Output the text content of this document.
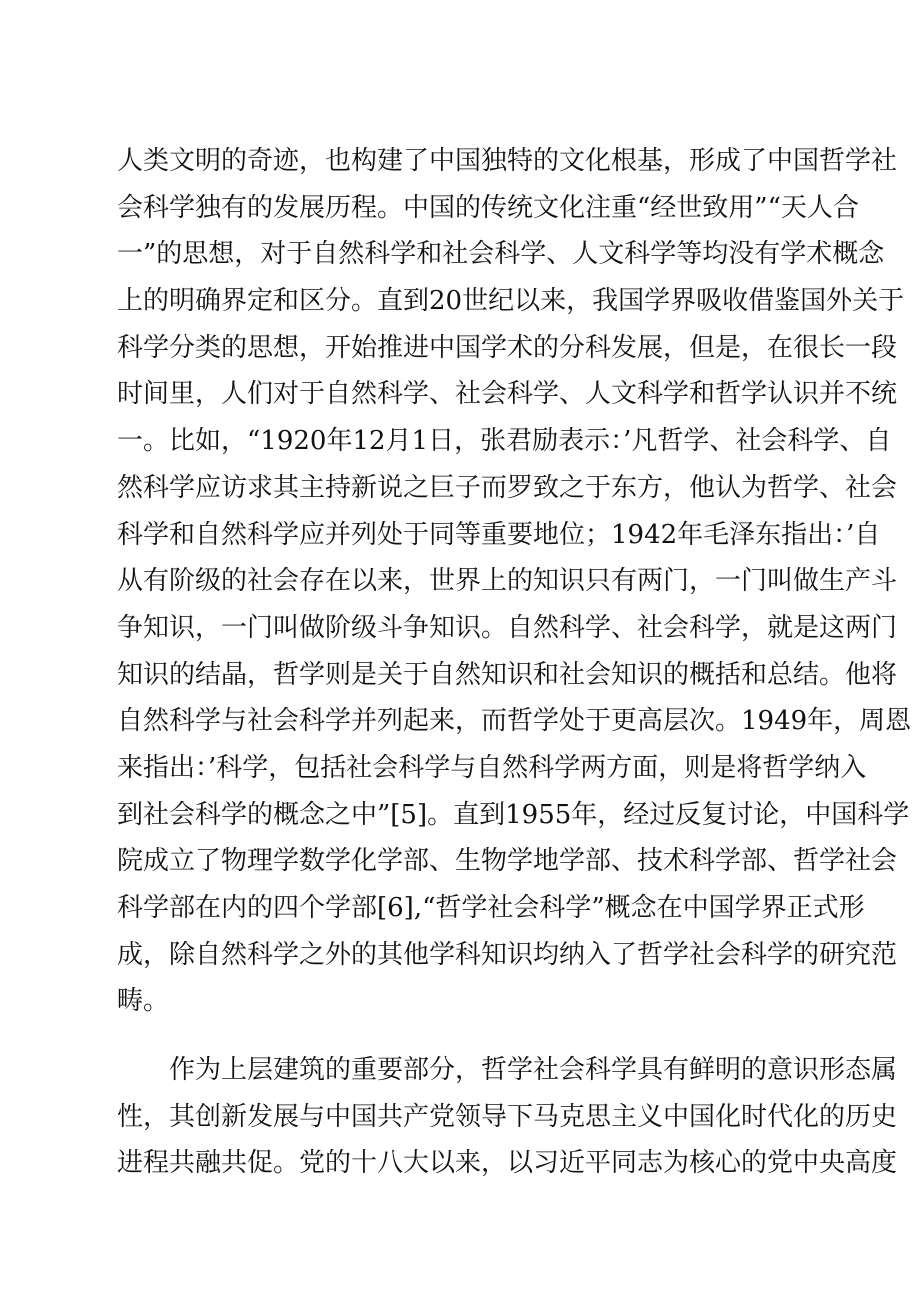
人类文明的奇迹，也构建了中国独特的文化根基，形成了中国哲学社
会科学独有的发展历程。中国的传统文化注重“经世致用”“天人合
一”的思想，对于自然科学和社会科学、人文科学等均没有学术概念
上的明确界定和区分。直到20世纪以来，我国学界吸收借鉴国外关于
科学分类的思想，开始推进中国学术的分科发展，但是，在很长一段
时间里，人们对于自然科学、社会科学、人文科学和哲学认识并不统
一。比如，“1920年12月1日，张君励表示：’凡哲学、社会科学、自
然科学应访求其主持新说之巨子而罗致之于东方，他认为哲学、社会
科学和自然科学应并列处于同等重要地位；1942年毛泽东指出：’自
从有阶级的社会存在以来，世界上的知识只有两门，一门叫做生产斗
争知识，一门叫做阶级斗争知识。自然科学、社会科学，就是这两门
知识的结晶，哲学则是关于自然知识和社会知识的概括和总结。他将
自然科学与社会科学并列起来，而哲学处于更高层次。1949年，周恩
来指出：’科学，包括社会科学与自然科学两方面，则是将哲学纳入
到社会科学的概念之中”[5]。直到1955年，经过反复讨论，中国科学
院成立了物理学数学化学部、生物学地学部、技术科学部、哲学社会
科学部在内的四个学部[6],“哲学社会科学”概念在中国学界正式形
成，除自然科学之外的其他学科知识均纳入了哲学社会科学的研究范
畴。
　　作为上层建筑的重要部分，哲学社会科学具有鲜明的意识形态属
性，其创新发展与中国共产党领导下马克思主义中国化时代化的历史
进程共融共促。党的十八大以来，以习近平同志为核心的党中央高度
